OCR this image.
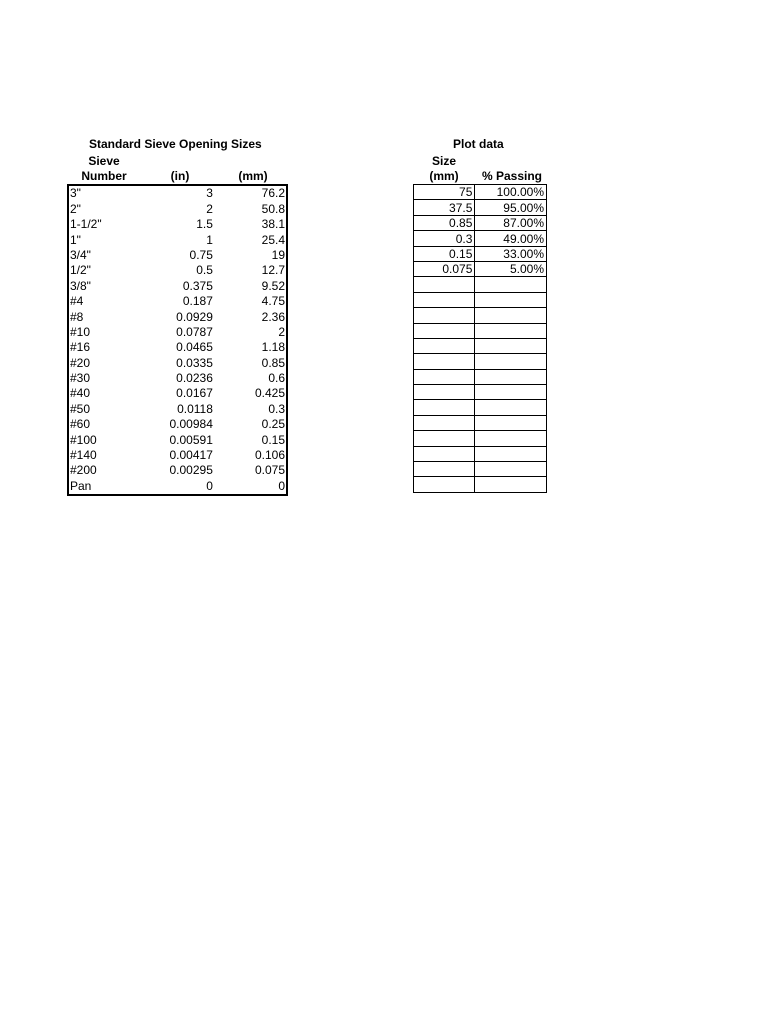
Standard Sieve Opening Sizes
Sieve
Number	(in)	(mm)
3"	3	76.2
2"	2	50.8
1-1/2"	1.5	38.1
1"	1	25.4
3/4"	0.75	19
1/2"	0.5	12.7
3/8"	0.375	9.52
#4	0.187	4.75
#8	0.0929	2.36
#10	0.0787	2
#16	0.0465	1.18
#20	0.0335	0.85
#30	0.0236	0.6
#40	0.0167	0.425
#50	0.0118	0.3
#60	0.00984	0.25
#100	0.00591	0.15
#140	0.00417	0.106
#200	0.00295	0.075
Pan	0	0
Plot data
Size
(mm)	% Passing
75	100.00%
37.5	95.00%
0.85	87.00%
0.3	49.00%
0.15	33.00%
0.075	5.00%
